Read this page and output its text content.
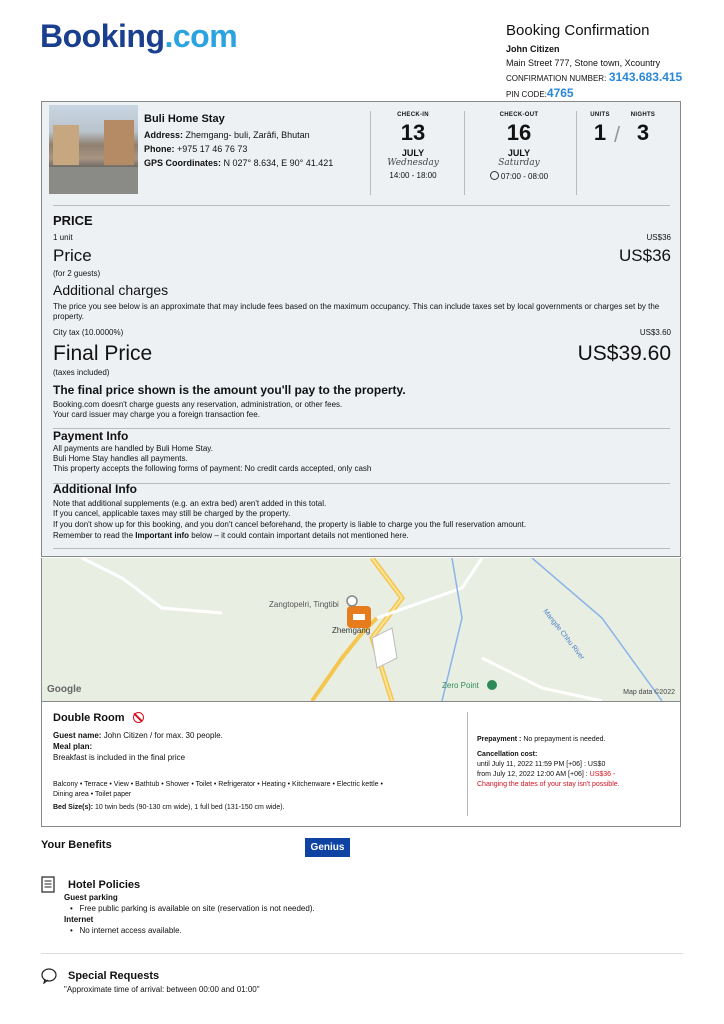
Booking.com	Booking Confirmation
John Citizen
Main Street 777, Stone town, Xcountry
CONFIRMATION NUMBER: 3143.683.415
PIN CODE:4765
Buli Home Stay
Address: Zhemgang- buli, Zarâfi, Bhutan
Phone: +975 17 46 76 73
GPS Coordinates: N 027° 8.634, E 90° 41.421
CHECK-IN
13
JULY
Wednesday
14:00 - 18:00
CHECK-OUT
16
JULY
Saturday
07:00 - 08:00
UNITS
1 /
NIGHTS
3
PRICE
1 unit	US$36
Price	US$36
(for 2 guests)
Additional charges
The price you see below is an approximate that may include fees based on the maximum occupancy. This can include taxes set by local governments or charges set by the property.
City tax (10.0000%)	US$3.60
Final Price	US$39.60
(taxes included)
The final price shown is the amount you'll pay to the property.
Booking.com doesn't charge guests any reservation, administration, or other fees.
Your card issuer may charge you a foreign transaction fee.
Payment Info
All payments are handled by Buli Home Stay.
Buli Home Stay handles all payments.
This property accepts the following forms of payment: No credit cards accepted, only cash
Additional Info
Note that additional supplements (e.g. an extra bed) aren't added in this total.
If you cancel, applicable taxes may still be charged by the property.
If you don't show up for this booking, and you don't cancel beforehand, the property is liable to charge you the full reservation amount.
Remember to read the Important info below – it could contain important details not mentioned here.
Zangtopelri, Tingtibi
Zhemgang
Zero Point
Mangde Chhu River
Google	Map data ©2022
Double Room
Guest name: John Citizen / for max. 30 people.
Meal plan:
Breakfast is included in the final price
Balcony • Terrace • View • Bathtub • Shower • Toilet • Refrigerator • Heating • Kitchenware • Electric kettle •
Dining area • Toilet paper
Bed Size(s): 10 twin beds (90-130 cm wide), 1 full bed (131-150 cm wide).
Prepayment : No prepayment is needed.
Cancellation cost:
until July 11, 2022 11:59 PM [+06] : US$0
from July 12, 2022 12:00 AM [+06] : US$36 -
Changing the dates of your stay isn't possible.
Your Benefits	Genius
Hotel Policies
Guest parking
•   Free public parking is available on site (reservation is not needed).
Internet
•   No internet access available.
Special Requests
"Approximate time of arrival: between 00:00 and 01:00"
